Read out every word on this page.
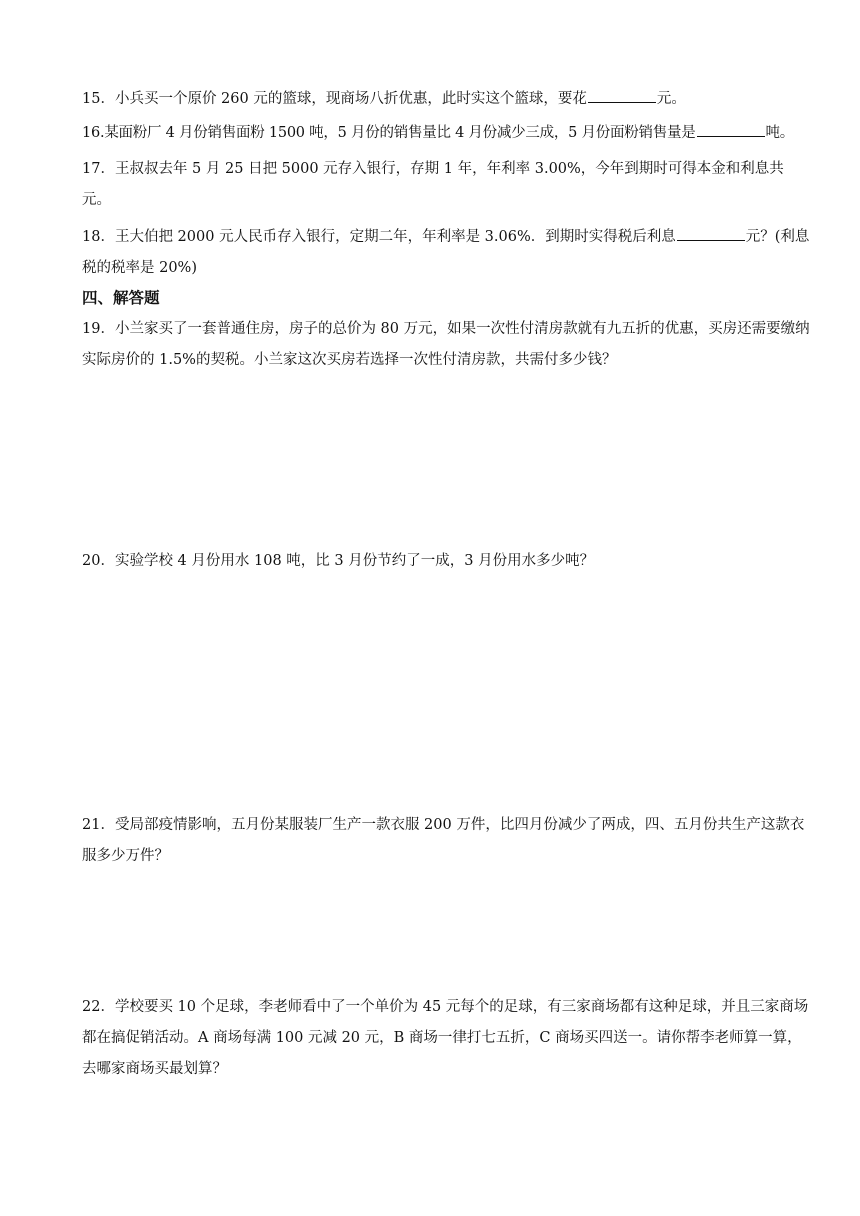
15．小兵买一个原价 260 元的篮球，现商场八折优惠，此时实这个篮球，要花	元。

16.某面粉厂 4 月份销售面粉 1500 吨，5 月份的销售量比 4 月份减少三成，5 月份面粉销售量是	吨。

17．王叔叔去年 5 月 25 日把 5000 元存入银行，存期 1 年，年利率 3.00%，今年到期时可得本金和利息共元。

18．王大伯把 2000 元人民币存入银行，定期二年，年利率是 3.06%．到期时实得税后利息	元？(利息税的税率是 20%)

四、解答题

19．小兰家买了一套普通住房，房子的总价为 80 万元，如果一次性付清房款就有九五折的优惠，买房还需要缴纳实际房价的 1.5%的契税。小兰家这次买房若选择一次性付清房款，共需付多少钱？

20．实验学校 4 月份用水 108 吨，比 3 月份节约了一成，3 月份用水多少吨？

21．受局部疫情影响，五月份某服装厂生产一款衣服 200 万件，比四月份减少了两成，四、五月份共生产这款衣服多少万件？

22．学校要买 10 个足球，李老师看中了一个单价为 45 元每个的足球，有三家商场都有这种足球，并且三家商场都在搞促销活动。A 商场每满 100 元减 20 元，B 商场一律打七五折，C 商场买四送一。请你帮李老师算一算，去哪家商场买最划算？
